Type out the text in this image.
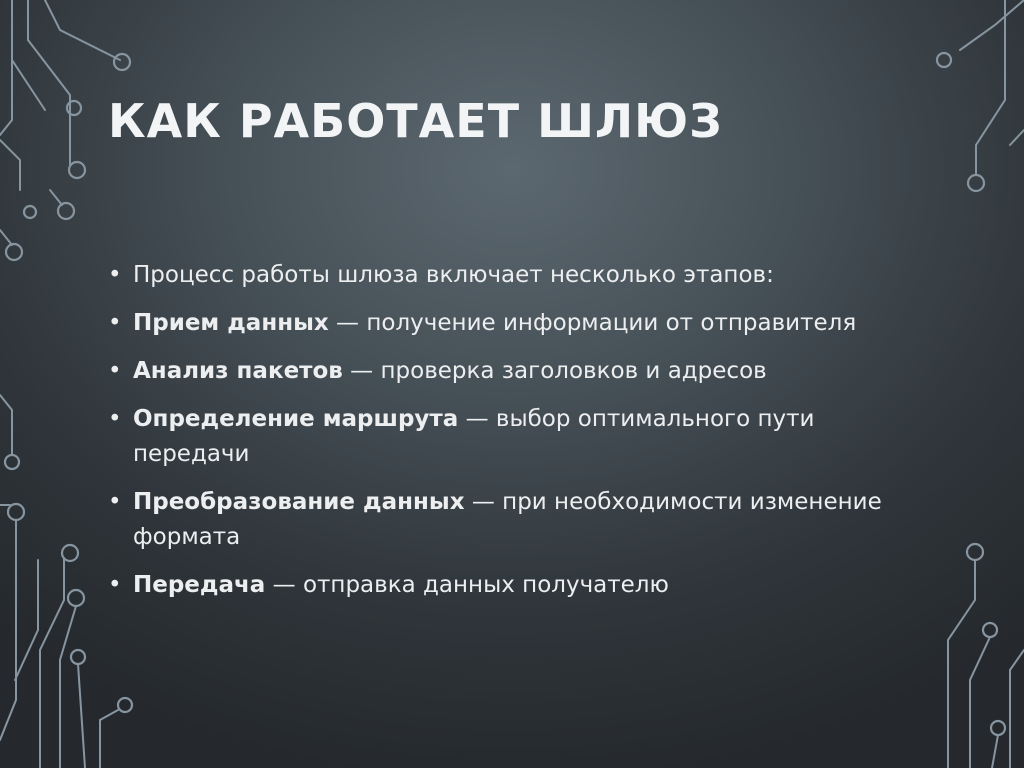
КАК РАБОТАЕТ ШЛЮЗ
• Процесс работы шлюза включает несколько этапов:
• Прием данных — получение информации от отправителя
• Анализ пакетов — проверка заголовков и адресов
• Определение маршрута — выбор оптимального пути передачи
• Преобразование данных — при необходимости изменение формата
• Передача — отправка данных получателю
